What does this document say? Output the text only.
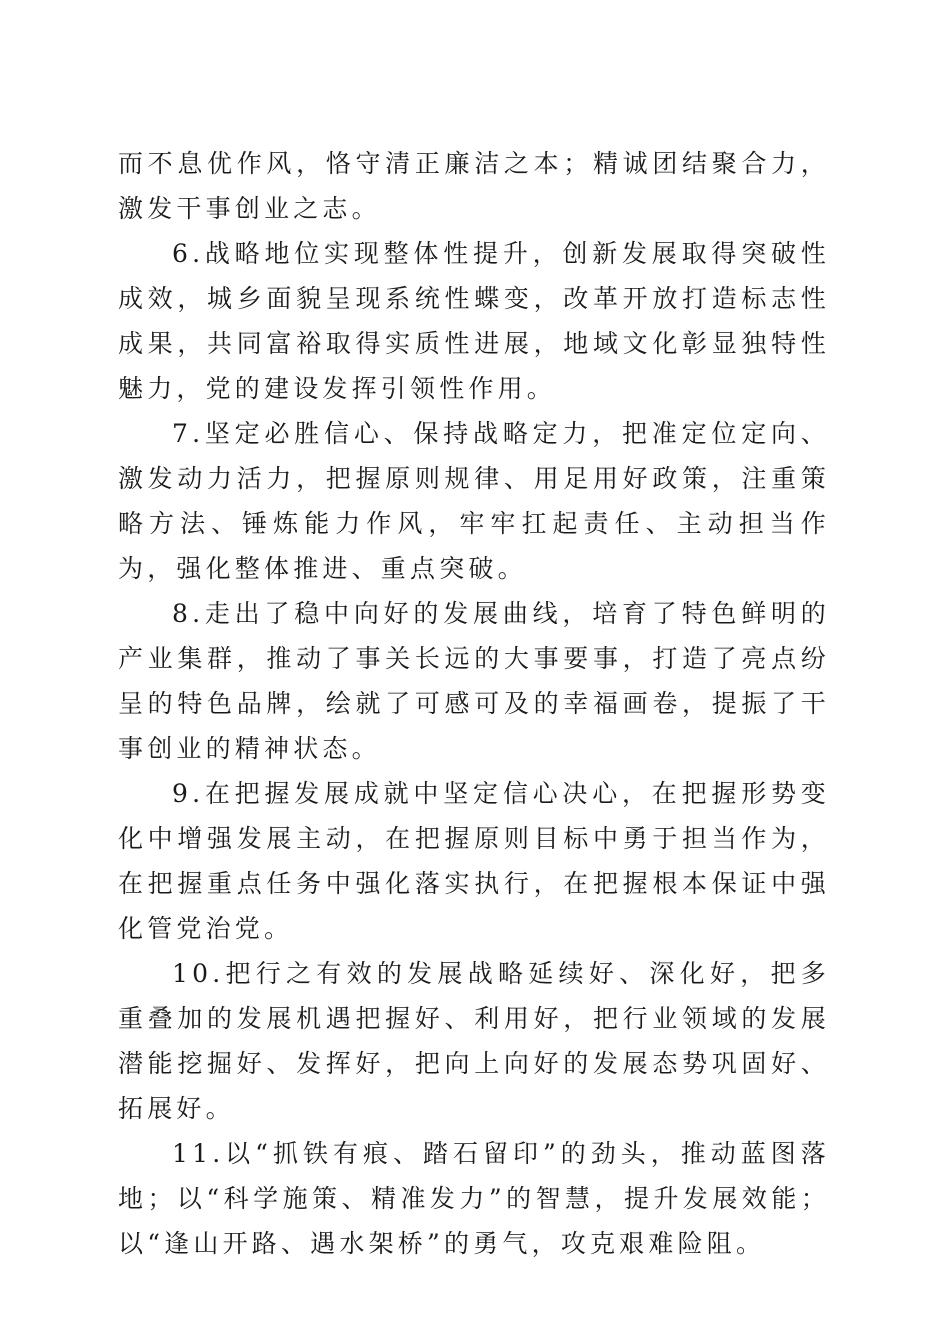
而不息优作风，恪守清正廉洁之本；精诚团结聚合力，激发干事创业之志。

6.战略地位实现整体性提升，创新发展取得突破性成效，城乡面貌呈现系统性蝶变，改革开放打造标志性成果，共同富裕取得实质性进展，地域文化彰显独特性魅力，党的建设发挥引领性作用。

7.坚定必胜信心、保持战略定力，把准定位定向、激发动力活力，把握原则规律、用足用好政策，注重策略方法、锤炼能力作风，牢牢扛起责任、主动担当作为，强化整体推进、重点突破。

8.走出了稳中向好的发展曲线，培育了特色鲜明的产业集群，推动了事关长远的大事要事，打造了亮点纷呈的特色品牌，绘就了可感可及的幸福画卷，提振了干事创业的精神状态。

9.在把握发展成就中坚定信心决心，在把握形势变化中增强发展主动，在把握原则目标中勇于担当作为，在把握重点任务中强化落实执行，在把握根本保证中强化管党治党。

10.把行之有效的发展战略延续好、深化好，把多重叠加的发展机遇把握好、利用好，把行业领域的发展潜能挖掘好、发挥好，把向上向好的发展态势巩固好、拓展好。

11.以“抓铁有痕、踏石留印”的劲头，推动蓝图落地；以“科学施策、精准发力”的智慧，提升发展效能；以“逢山开路、遇水架桥”的勇气，攻克艰难险阻。
